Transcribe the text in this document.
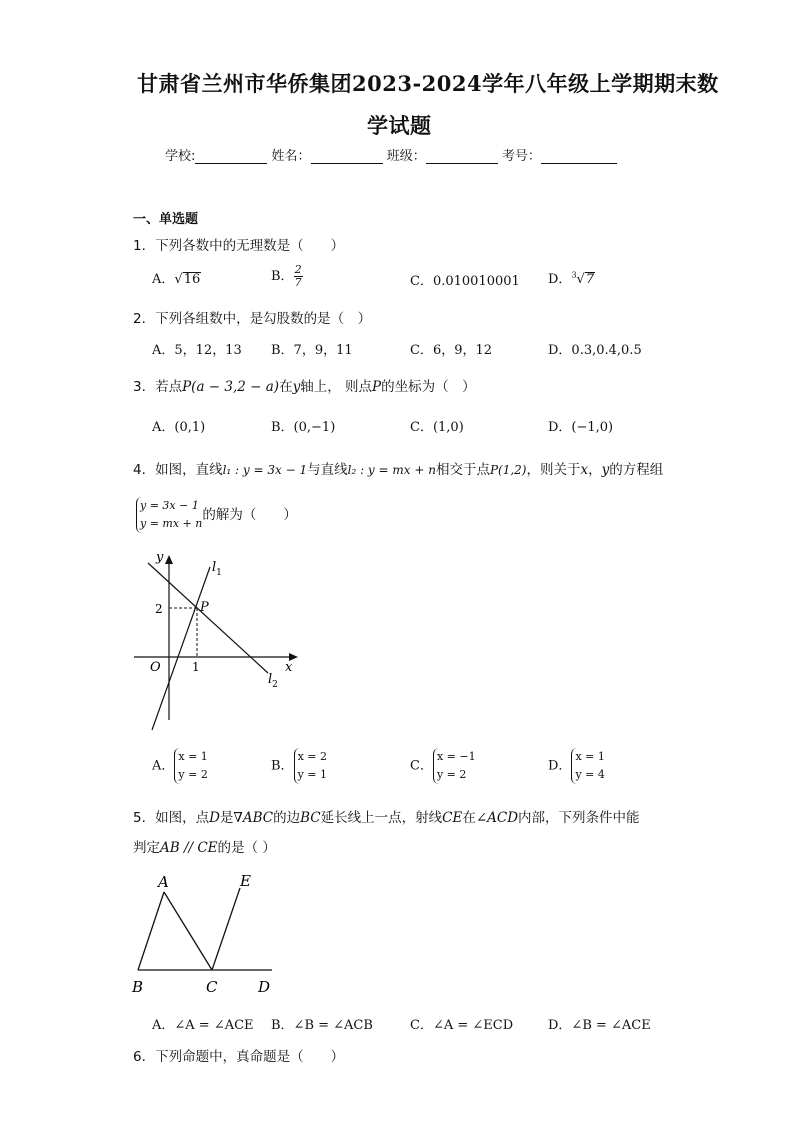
甘肃省兰州市华侨集团2023-2024学年八年级上学期期末数
学试题
学校:	姓名：	班级：	考号：
一、单选题
1．下列各数中的无理数是（　　）
A．√16	B． $\frac{2}{7}$	C．0.010010001 D．$^3$√7
2．下列各组数中，是勾股数的是（　）
A．5，12，13 B．7，9，11	C．6，9，12	D．0.3,0.4,0.5
3．若点P(a − 3,2 − a)在y轴上， 则点P的坐标为（　）
A．(0,1)	B．(0,−1)	C．(1,0)	D．(−1,0)
4．如图，直线l₁ : y = 3x − 1与直线l₂ : y = mx + n相交于点P(1,2)，则关于x，y的方程组
y = 3x − 1
y = mx + n
的解为（　　）
y
x
O
2
1
P
$l_1$
$l_2$
A．
x = 1
y = 2
B．
x = 2
y = 1
C．
x = −1
y = 2
D．
x = 1
y = 4
5．如图，点D是∇ABC的边BC延长线上一点，射线CE在∠ACD内部，下列条件中能
判定AB // CE的是（ ）
A
B	C	D
E
A．∠A = ∠ACE B．∠B = ∠ACB	C．∠A = ∠ECD	D．∠B = ∠ACE
6．下列命题中，真命题是（　　）
